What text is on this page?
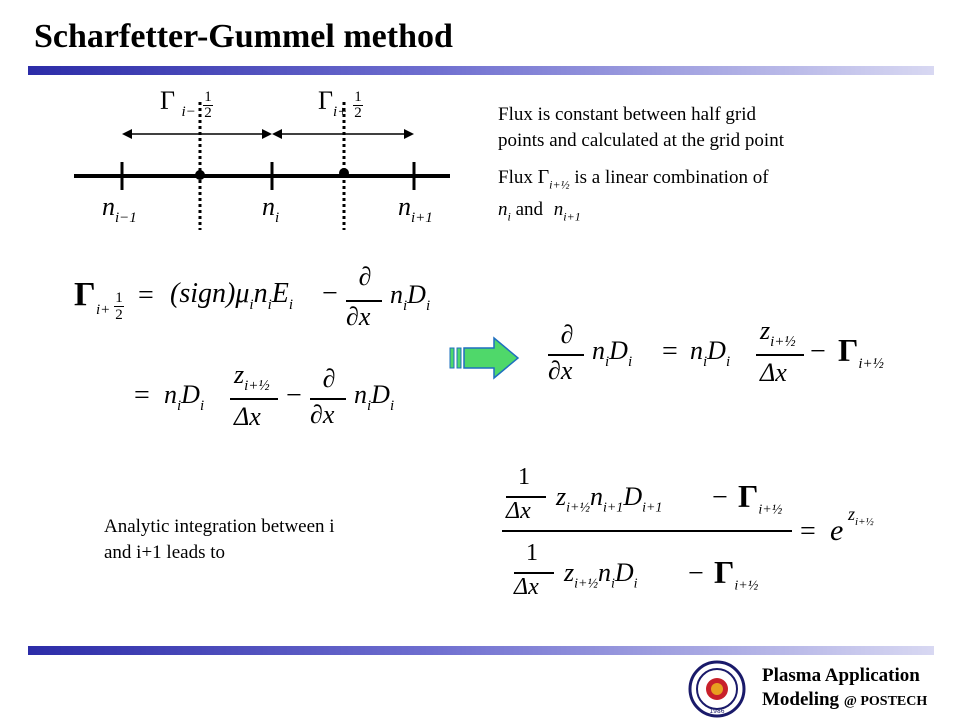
Scharfetter-Gummel method
Γ $_{i-}$
1
2	$\Gamma_{i+}$
1
2
$n_{i-1}$	$n_i$	$n_{i+1}$
Flux is constant between half grid
points and calculated at the grid point
Flux $\Gamma_{i+\frac{1}{2}}$ is a linear combination of
$n_i$ and $n_{i+1}$
Γ i+
1
2
= $(sign)\mu_in_iE_i$ −
∂
∂x
$n_iD_i$
= $n_iD_i$
$z_{i+\frac{1}{2}}$
Δx
−
∂
∂x
$n_iD_i$
∂
∂x
$n_iD_i = n_iD_i$
$z_{i+\frac{1}{2}}$
Δx
− $\Gamma_{i+\frac{1}{2}}$
Analytic integration between i
and i+1 leads to
1
Δx $z_{i+\frac{1}{2}}n_{i+1}D_{i+1} - \Gamma_{i+\frac{1}{2}}$
1
Δx $z_{i+\frac{1}{2}}n_iD_i - \Gamma_{i+\frac{1}{2}}$
= e $z_{i+\frac{1}{2}}$
1986
Plasma Application
Modeling @ POSTECH
